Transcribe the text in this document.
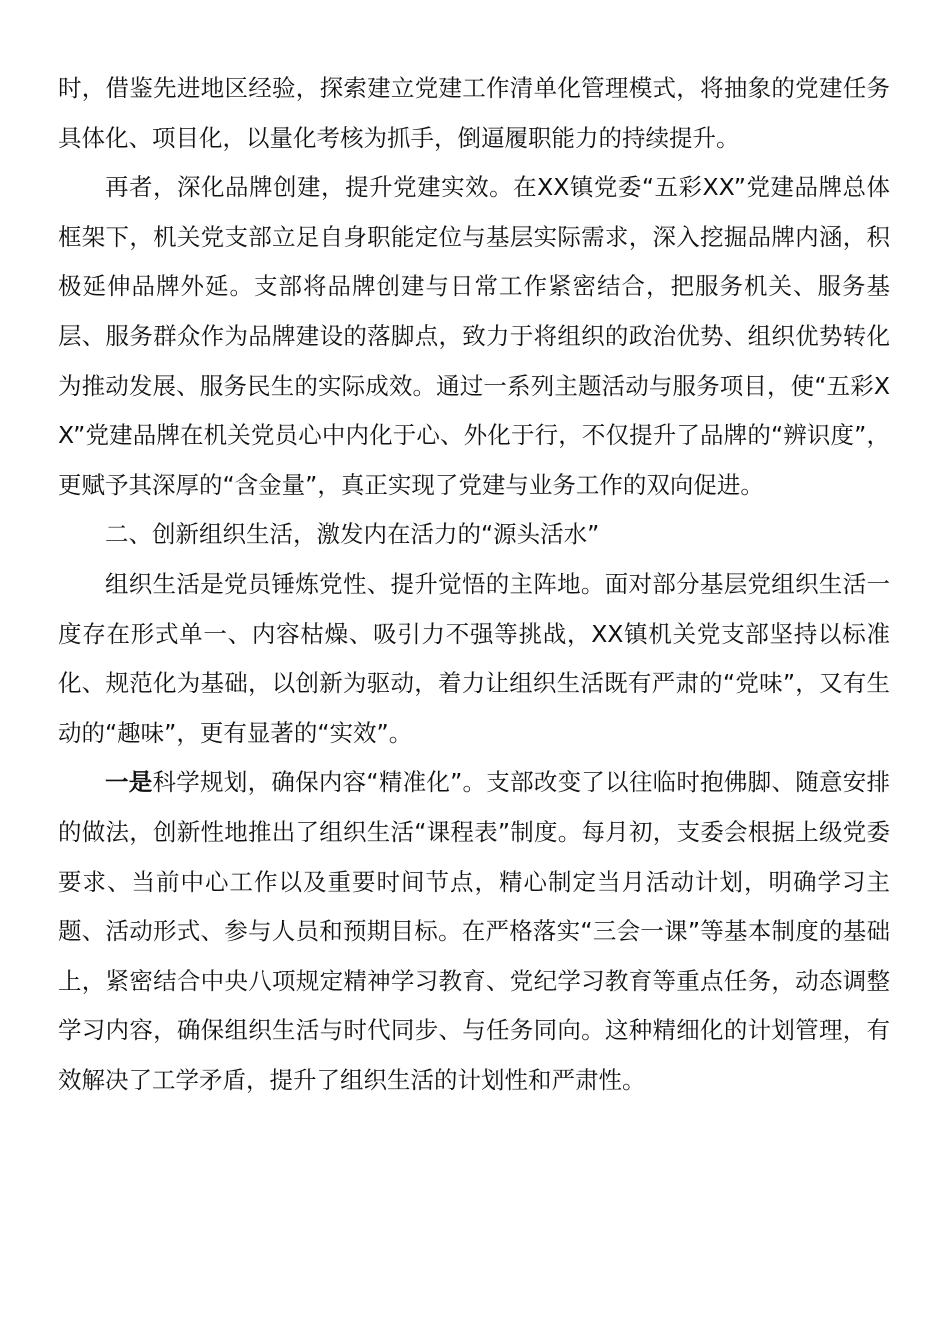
时，借鉴先进地区经验，探索建立党建工作清单化管理模式，将抽象的党建任务具体化、项目化，以量化考核为抓手，倒逼履职能力的持续提升。

再者，深化品牌创建，提升党建实效。在XX镇党委“五彩XX”党建品牌总体框架下，机关党支部立足自身职能定位与基层实际需求，深入挖掘品牌内涵，积极延伸品牌外延。支部将品牌创建与日常工作紧密结合，把服务机关、服务基层、服务群众作为品牌建设的落脚点，致力于将组织的政治优势、组织优势转化为推动发展、服务民生的实际成效。通过一系列主题活动与服务项目，使“五彩XX”党建品牌在机关党员心中内化于心、外化于行，不仅提升了品牌的“辨识度”，更赋予其深厚的“含金量”，真正实现了党建与业务工作的双向促进。

二、创新组织生活，激发内在活力的“源头活水”

组织生活是党员锤炼党性、提升觉悟的主阵地。面对部分基层党组织生活一度存在形式单一、内容枯燥、吸引力不强等挑战，XX镇机关党支部坚持以标准化、规范化为基础，以创新为驱动，着力让组织生活既有严肃的“党味”，又有生动的“趣味”，更有显著的“实效”。

一是科学规划，确保内容“精准化”。支部改变了以往临时抱佛脚、随意安排的做法，创新性地推出了组织生活“课程表”制度。每月初，支委会根据上级党委要求、当前中心工作以及重要时间节点，精心制定当月活动计划，明确学习主题、活动形式、参与人员和预期目标。在严格落实“三会一课”等基本制度的基础上，紧密结合中央八项规定精神学习教育、党纪学习教育等重点任务，动态调整学习内容，确保组织生活与时代同步、与任务同向。这种精细化的计划管理，有效解决了工学矛盾，提升了组织生活的计划性和严肃性。
